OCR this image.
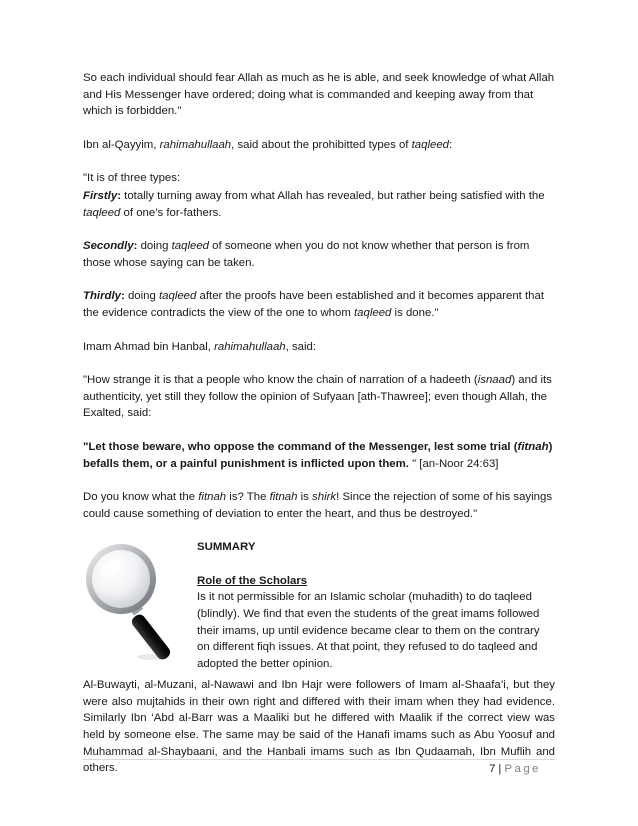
So each individual should fear Allah as much as he is able, and seek knowledge of what Allah and His Messenger have ordered; doing what is commanded and keeping away from that which is forbidden."

Ibn al-Qayyim, rahimahullaah, said about the prohibitted types of taqleed:

"It is of three types:

Firstly: totally turning away from what Allah has revealed, but rather being satisfied with the taqleed of one’s for-fathers.

Secondly: doing taqleed of someone when you do not know whether that person is from those whose saying can be taken.

Thirdly: doing taqleed after the proofs have been established and it becomes apparent that the evidence contradicts the view of the one to whom taqleed is done."

Imam Ahmad bin Hanbal, rahimahullaah, said:

"How strange it is that a people who know the chain of narration of a hadeeth (isnaad) and its authenticity, yet still they follow the opinion of Sufyaan [ath-Thawree]; even though Allah, the Exalted, said:

"Let those beware, who oppose the command of the Messenger, lest some trial (fitnah) befalls them, or a painful punishment is inflicted upon them. " [an-Noor 24:63]

Do you know what the fitnah is? The fitnah is shirk! Since the rejection of some of his sayings could cause something of deviation to enter the heart, and thus be destroyed."

SUMMARY
Role of the Scholars
Is it not permissible for an Islamic scholar (muhadith) to do taqleed (blindly). We find that even the students of the great imams followed their imams, up until evidence became clear to them on the contrary on different fiqh issues. At that point, they refused to do taqleed and adopted the better opinion.

Al-Buwayti, al-Muzani, al-Nawawi and Ibn Hajr were followers of Imam al-Shaafa’i, but they were also mujtahids in their own right and differed with their imam when they had evidence. Similarly Ibn ‘Abd al-Barr was a Maaliki but he differed with Maalik if the correct view was held by someone else. The same may be said of the Hanafi imams such as Abu Yoosuf and Muhammad al-Shaybaani, and the Hanbali imams such as Ibn Qudaamah, Ibn Muflih and others.	7 | Page
